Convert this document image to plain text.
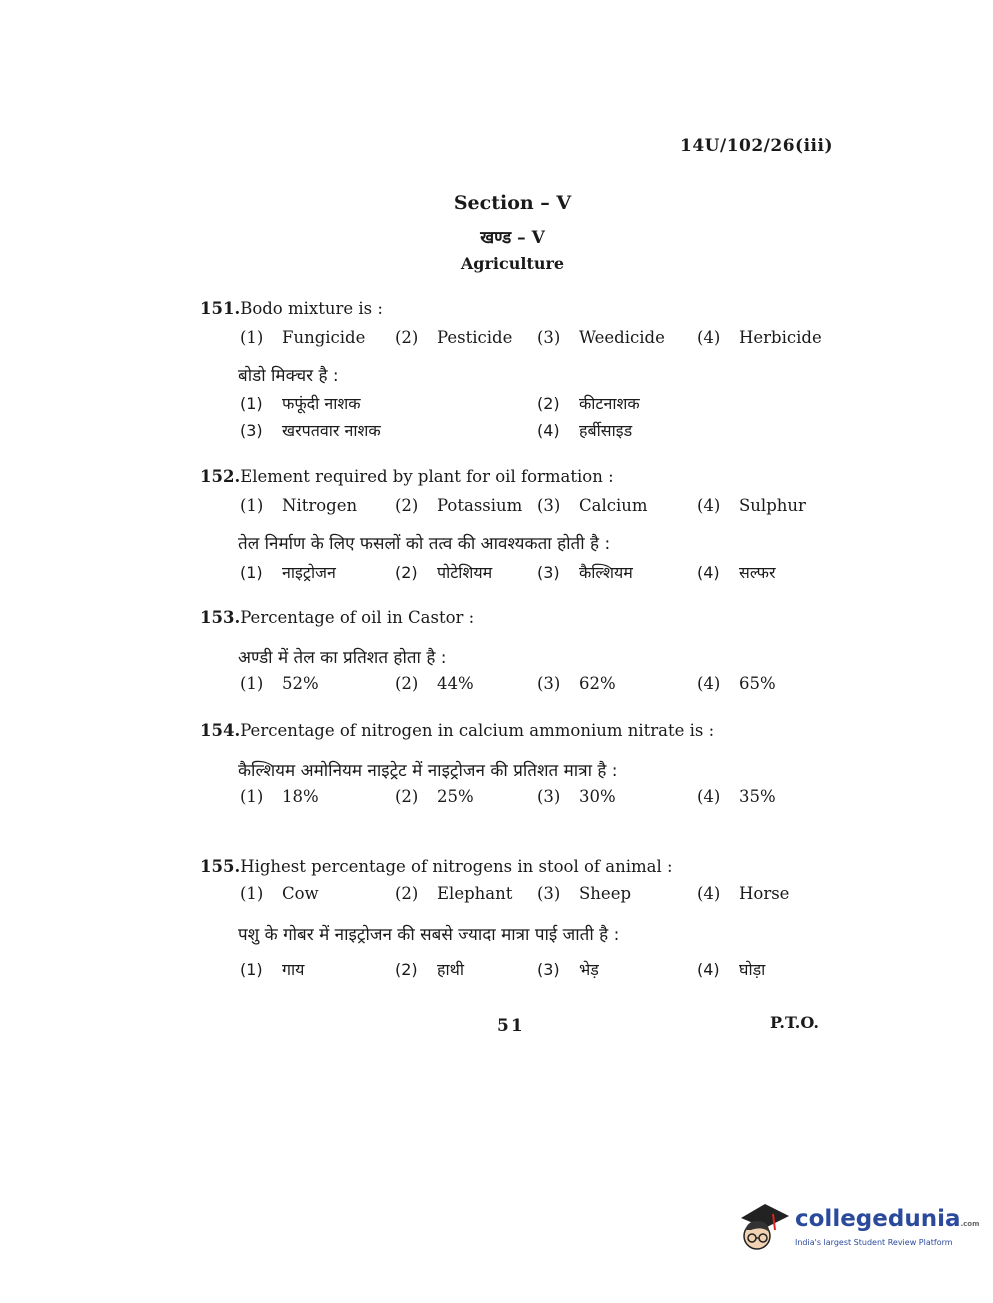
14U/102/26(iii)
Section – V
खण्ड – V
Agriculture
151.Bodo mixture is :
(1) Fungicide (2) Pesticide (3) Weedicide (4) Herbicide
बोडो मिक्चर है :
(1) फफूंदी नाशक	(2) कीटनाशक
(3) खरपतवार नाशक	(4) हर्बीसाइड
152.Element required by plant for oil formation :
(1) Nitrogen (2) Potassium (3) Calcium	(4) Sulphur
तेल निर्माण के लिए फसलों को तत्व की आवश्यकता होती है :
(1) नाइट्रोजन	(2) पोटेशियम	(3) कैल्शियम	(4) सल्फर
153.Percentage of oil in Castor :
अण्डी में तेल का प्रतिशत होता है :
(1) 52%	(2) 44%	(3) 62%	(4) 65%
154.Percentage of nitrogen in calcium ammonium nitrate is :
कैल्शियम अमोनियम नाइट्रेट में नाइट्रोजन की प्रतिशत मात्रा है :
(1) 18%	(2) 25%	(3) 30%	(4) 35%
155.Highest percentage of nitrogens in stool of animal :
(1) Cow	(2) Elephant (3) Sheep	(4) Horse
पशु के गोबर में नाइट्रोजन की सबसे ज्यादा मात्रा पाई जाती है :
(1) गाय	(2) हाथी	(3) भेड़	(4) घोड़ा
51	P.T.O.
collegedunia.com
India's largest Student Review Platform
